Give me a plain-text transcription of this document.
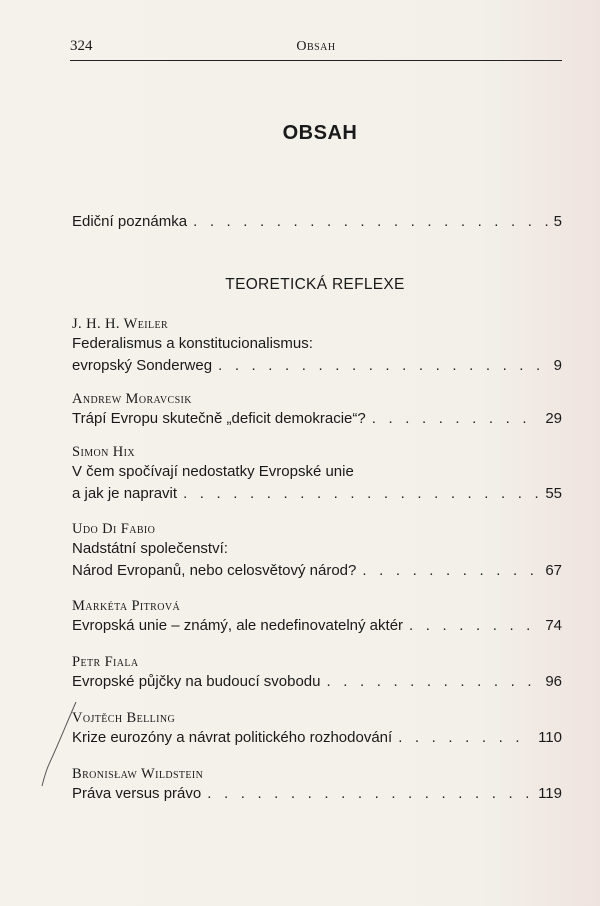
324	Obsah
OBSAH
Ediční poznámka . . .	5
J. H. H. Weiler
Federalismus a konstitucionalismus:
evropský Sonderweg . . .	9
Andrew Moravcsik
Trápí Evropu skutečně „deficit demokracie“? . . .	29
Simon Hix
V čem spočívají nedostatky Evropské unie
a jak je napravit . . .	55
Udo Di Fabio
Nadstátní společenství:
Národ Evropanů, nebo celosvětový národ? . . .	67
Markéta Pitrová
Evropská unie – známý, ale nedefinovatelný aktér . . .	74
Petr Fiala
Evropské půjčky na budoucí svobodu . . .	96
Vojtěch Belling
Krize eurozóny a návrat politického rozhodování . . .	110
Bronisław Wildstein
Práva versus právo . . .	119
TEORETICKÁ REFLEXE
